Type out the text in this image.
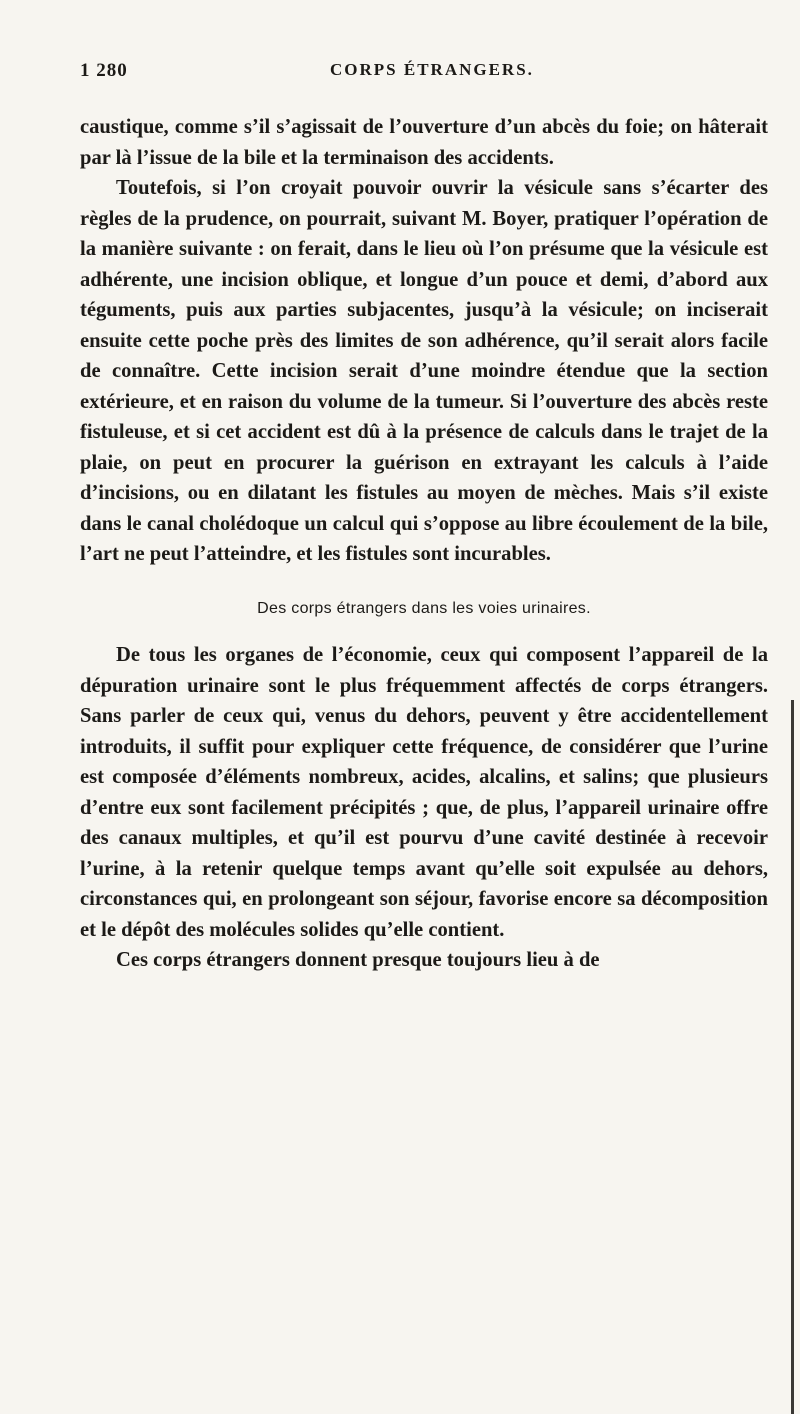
1 280	CORPS ÉTRANGERS.

caustique, comme s’il s’agissait de l’ouverture d’un abcès du foie; on hâterait par là l’issue de la bile et la terminaison des accidents.

Toutefois, si l’on croyait pouvoir ouvrir la vésicule sans s’écarter des règles de la prudence, on pourrait, suivant M. Boyer, pratiquer l’opération de la manière suivante : on ferait, dans le lieu où l’on présume que la vésicule est adhérente, une incision oblique, et longue d’un pouce et demi, d’abord aux téguments, puis aux parties subjacentes, jusqu’à la vésicule; on inciserait ensuite cette poche près des limites de son adhérence, qu’il serait alors facile de connaître. Cette incision serait d’une moindre étendue que la section extérieure, et en raison du volume de la tumeur. Si l’ouverture des abcès reste fistuleuse, et si cet accident est dû à la présence de calculs dans le trajet de la plaie, on peut en procurer la guérison en extrayant les calculs à l’aide d’incisions, ou en dilatant les fistules au moyen de mèches. Mais s’il existe dans le canal cholédoque un calcul qui s’oppose au libre écoulement de la bile, l’art ne peut l’atteindre, et les fistules sont incurables.

Des corps étrangers dans les voies urinaires.

De tous les organes de l’économie, ceux qui composent l’appareil de la dépuration urinaire sont le plus fréquemment affectés de corps étrangers. Sans parler de ceux qui, venus du dehors, peuvent y être accidentellement introduits, il suffit pour expliquer cette fréquence, de considérer que l’urine est composée d’éléments nombreux, acides, alcalins, et salins; que plusieurs d’entre eux sont facilement précipités ; que, de plus, l’appareil urinaire offre des canaux multiples, et qu’il est pourvu d’une cavité destinée à recevoir l’urine, à la retenir quelque temps avant qu’elle soit expulsée au dehors, circonstances qui, en prolongeant son séjour, favorise encore sa décomposition et le dépôt des molécules solides qu’elle contient.

Ces corps étrangers donnent presque toujours lieu à de
